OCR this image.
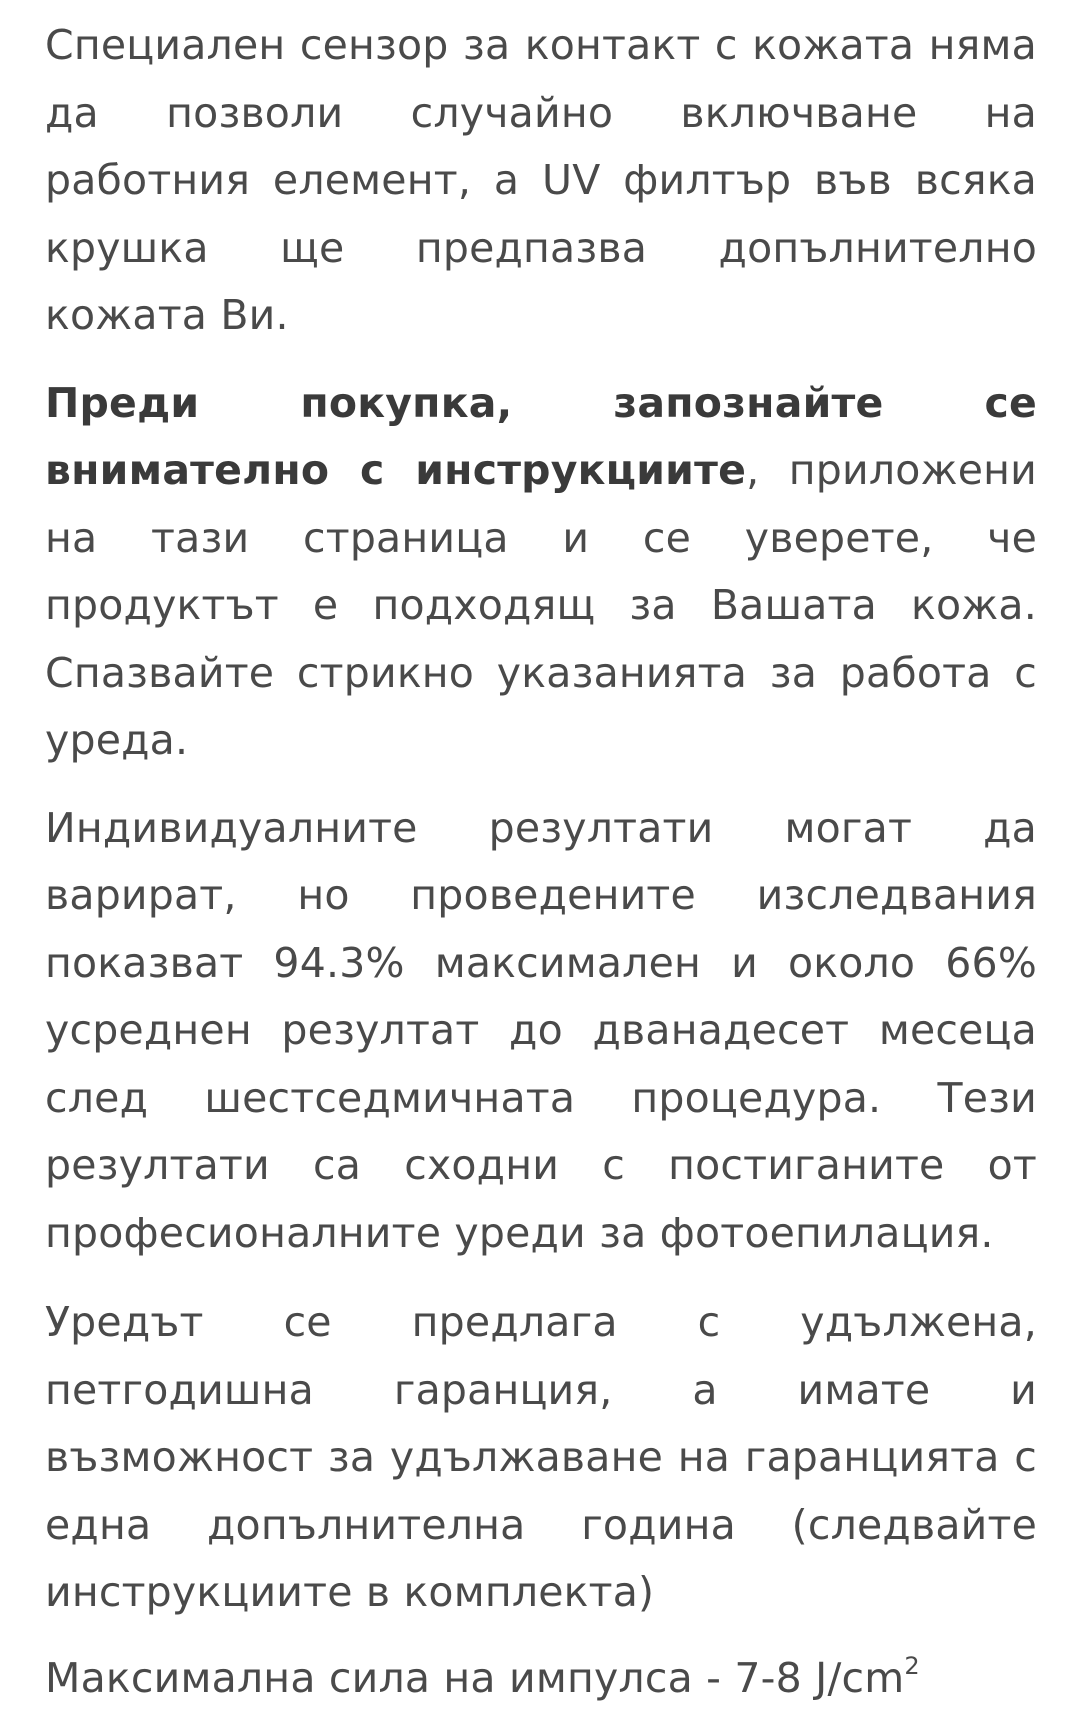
Специален сензор за контакт с кожата няма да позволи случайно включване на работния елемент, а UV филтър във всяка крушка ще предпазва допълнително кожата Ви.

Преди покупка, запознайте се внимателно с инструкциите, приложени на тази страница и се уверете, че продуктът е подходящ за Вашата кожа. Спазвайте стрикно указанията за работа с уреда.

Индивидуалните резултати могат да варират, но проведените изследвания показват 94.3% максимален и около 66% усреднен резултат до дванадесет месеца след шестседмичната процедура. Тези резултати са сходни с постиганите от професионалните уреди за фотоепилация.

Уредът се предлага с удължена, петгодишна гаранция, а имате и възможност за удължаване на гаранцията с една допълнителна година (следвайте инструкциите в комплекта)

Максимална сила на импулса - 7-8 $J/cm^2$
